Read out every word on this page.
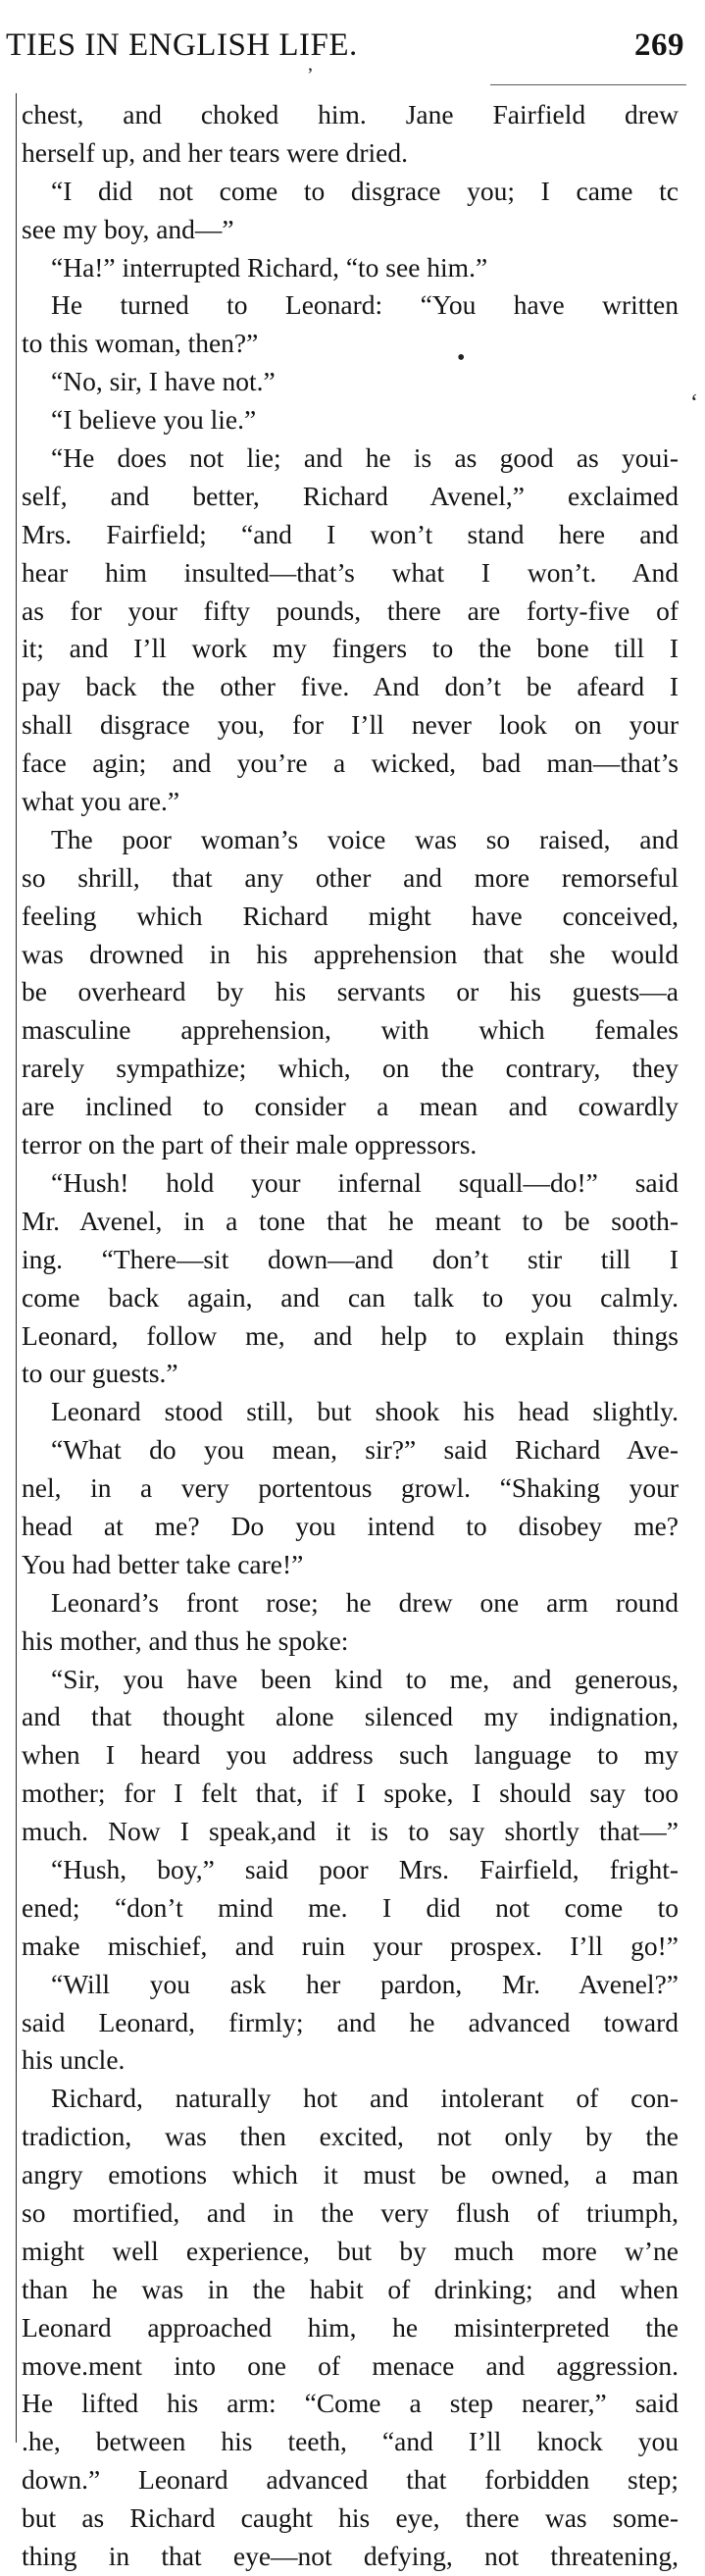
TIES IN ENGLISH LIFE.	269
ʼ
•
ʻ
chest, and choked him. Jane Fairfield drew
herself up, and her tears were dried.
“I did not come to disgrace you; I came tc
see my boy, and—”
“Ha!” interrupted Richard, “to see him.”
He turned to Leonard: “You have written
to this woman, then?”
“No, sir, I have not.”
“I believe you lie.”
“He does not lie; and he is as good as youi-
self, and better, Richard Avenel,” exclaimed
Mrs. Fairfield; “and I won’t stand here and
hear him insulted—that’s what I won’t. And
as for your fifty pounds, there are forty-five of
it; and I’ll work my fingers to the bone till I
pay back the other five. And don’t be afeard I
shall disgrace you, for I’ll never look on your
face agin; and you’re a wicked, bad man—that’s
what you are.”
The poor woman’s voice was so raised, and
so shrill, that any other and more remorseful
feeling which Richard might have conceived,
was drowned in his apprehension that she would
be overheard by his servants or his guests—a
masculine apprehension, with which females
rarely sympathize; which, on the contrary, they
are inclined to consider a mean and cowardly
terror on the part of their male oppressors.
“Hush! hold your infernal squall—do!” said
Mr. Avenel, in a tone that he meant to be sooth-
ing. “There—sit down—and don’t stir till I
come back again, and can talk to you calmly.
Leonard, follow me, and help to explain things
to our guests.”
Leonard stood still, but shook his head slightly.
“What do you mean, sir?” said Richard Ave-
nel, in a very portentous growl. “Shaking your
head at me? Do you intend to disobey me?
You had better take care!”
Leonard’s front rose; he drew one arm round
his mother, and thus he spoke:
“Sir, you have been kind to me, and generous,
and that thought alone silenced my indignation,
when I heard you address such language to my
mother; for I felt that, if I spoke, I should say too
much. Now I speak,and it is to say shortly that—”
“Hush, boy,” said poor Mrs. Fairfield, fright-
ened; “don’t mind me. I did not come to
make mischief, and ruin your prospex. I’ll go!”
“Will you ask her pardon, Mr. Avenel?”
said Leonard, firmly; and he advanced toward
his uncle.
Richard, naturally hot and intolerant of con-
tradiction, was then excited, not only by the
angry emotions which it must be owned, a man
so mortified, and in the very flush of triumph,
might well experience, but by much more w’ne
than he was in the habit of drinking; and when
Leonard approached him, he misinterpreted the
move.ment into one of menace and aggression.
He lifted his arm: “Come a step nearer,” said
.he, between his teeth, “and I’ll knock you
down.” Leonard advanced that forbidden step;
but as Richard caught his eye, there was some-
thing in that eye—not defying, not threatening,
